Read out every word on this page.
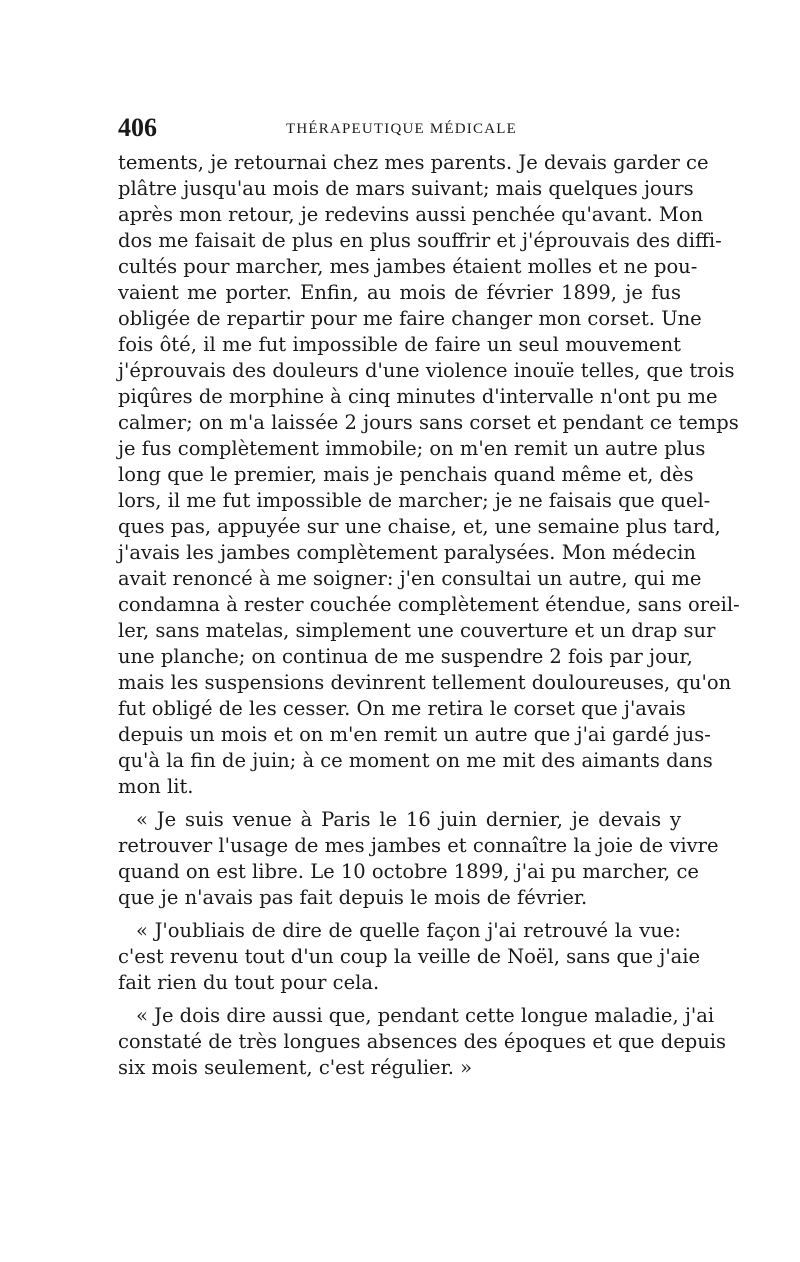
406	THÉRAPEUTIQUE MÉDICALE
tements, je retournai chez mes parents. Je devais garder ce
plâtre jusqu'au mois de mars suivant; mais quelques jours
après mon retour, je redevins aussi penchée qu'avant. Mon
dos me faisait de plus en plus souffrir et j'éprouvais des diffi-
cultés pour marcher, mes jambes étaient molles et ne pou-
vaient me porter. Enfin, au mois de février 1899, je fus
obligée de repartir pour me faire changer mon corset. Une
fois ôté, il me fut impossible de faire un seul mouvement
j'éprouvais des douleurs d'une violence inouïe telles, que trois
piqûres de morphine à cinq minutes d'intervalle n'ont pu me
calmer; on m'a laissée 2 jours sans corset et pendant ce temps
je fus complètement immobile; on m'en remit un autre plus
long que le premier, mais je penchais quand même et, dès
lors, il me fut impossible de marcher; je ne faisais que quel-
ques pas, appuyée sur une chaise, et, une semaine plus tard,
j'avais les jambes complètement paralysées. Mon médecin
avait renoncé à me soigner: j'en consultai un autre, qui me
condamna à rester couchée complètement étendue, sans oreil-
ler, sans matelas, simplement une couverture et un drap sur
une planche; on continua de me suspendre 2 fois par jour,
mais les suspensions devinrent tellement douloureuses, qu'on
fut obligé de les cesser. On me retira le corset que j'avais
depuis un mois et on m'en remit un autre que j'ai gardé jus-
qu'à la fin de juin; à ce moment on me mit des aimants dans
mon lit.
« Je suis venue à Paris le 16 juin dernier, je devais y
retrouver l'usage de mes jambes et connaître la joie de vivre
quand on est libre. Le 10 octobre 1899, j'ai pu marcher, ce
que je n'avais pas fait depuis le mois de février.
« J'oubliais de dire de quelle façon j'ai retrouvé la vue:
c'est revenu tout d'un coup la veille de Noël, sans que j'aie
fait rien du tout pour cela.
« Je dois dire aussi que, pendant cette longue maladie, j'ai
constaté de très longues absences des époques et que depuis
six mois seulement, c'est régulier. »
